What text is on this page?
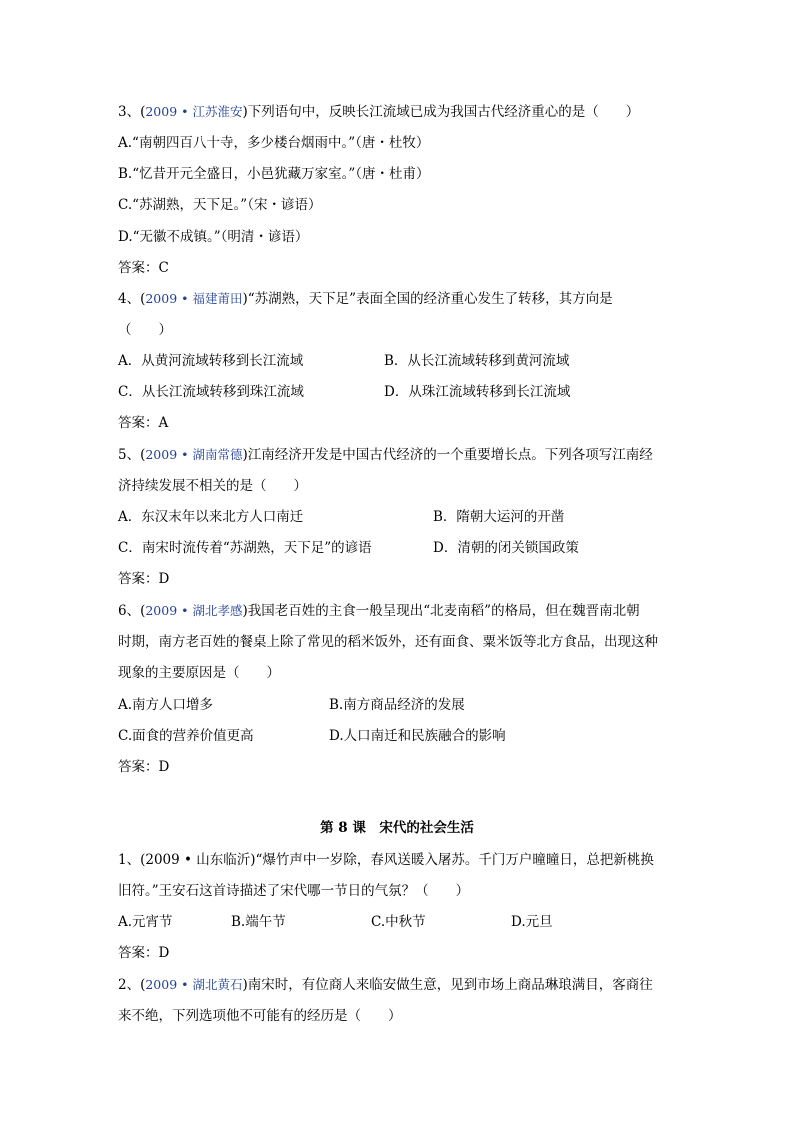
3、(2009 • 江苏淮安)下列语句中，反映长江流域已成为我国古代经济重心的是（　　）
A.“南朝四百八十寺，多少楼台烟雨中。”（唐・杜牧）
B.“忆昔开元全盛日，小邑犹藏万家室。”（唐・杜甫）
C.“苏湖熟，天下足。”（宋・谚语）
D.“无徽不成镇。”（明清・谚语）
答案：C
4、(2009 • 福建莆田)“苏湖熟，天下足”表面全国的经济重心发生了转移，其方向是
（　　）
A．从黄河流域转移到长江流域	B．从长江流域转移到黄河流域
C．从长江流域转移到珠江流域	D．从珠江流域转移到长江流域
答案：A
5、(2009 • 湖南常德)江南经济开发是中国古代经济的一个重要增长点。下列各项写江南经
济持续发展不相关的是（　　）
A．东汉末年以来北方人口南迁	B．隋朝大运河的开凿
C．南宋时流传着“苏湖熟，天下足”的谚语	D．清朝的闭关锁国政策
答案：D
6、(2009 • 湖北孝感)我国老百姓的主食一般呈现出“北麦南稻”的格局，但在魏晋南北朝
时期，南方老百姓的餐桌上除了常见的稻米饭外，还有面食、粟米饭等北方食品，出现这种
现象的主要原因是（　　）
A.南方人口增多	B.南方商品经济的发展
C.面食的营养价值更高	D.人口南迁和民族融合的影响
答案：D
第 8 课　宋代的社会生活
1、(2009 • 山东临沂)“爆竹声中一岁除，春风送暖入屠苏。千门万户曈曈日，总把新桃换
旧符。”王安石这首诗描述了宋代哪一节日的气氛？（　　）
A.元宵节	B.端午节	C.中秋节	D.元旦
答案：D
2、(2009 • 湖北黄石)南宋时，有位商人来临安做生意，见到市场上商品琳琅满目，客商往
来不绝，下列选项他不可能有的经历是（　　）
